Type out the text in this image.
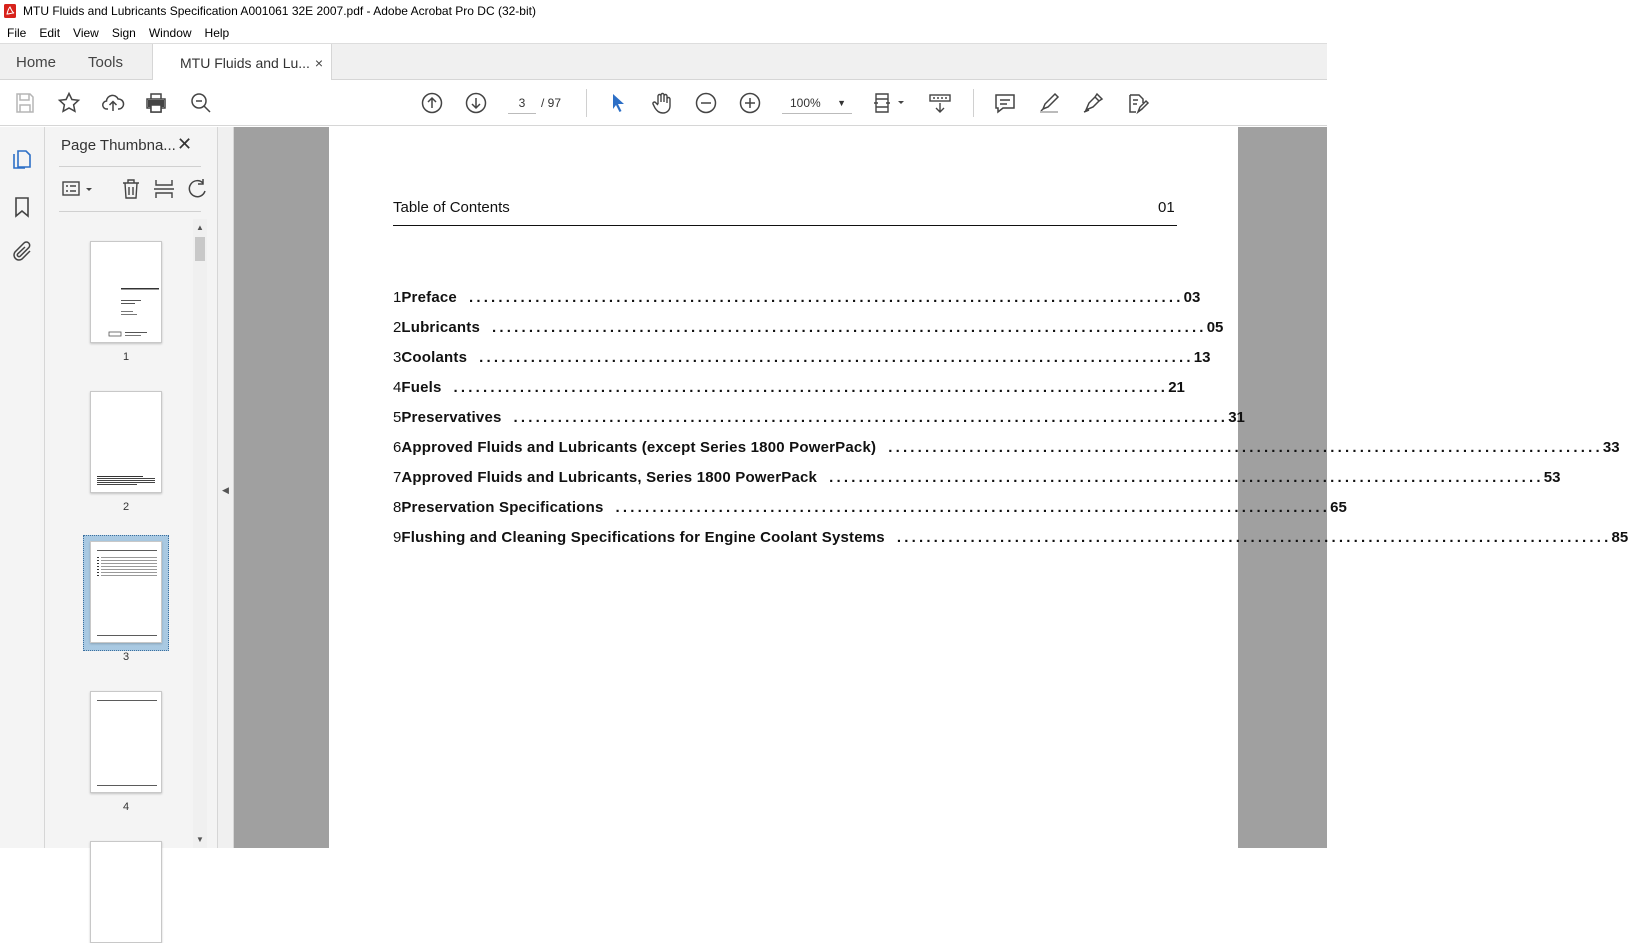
MTU Fluids and Lubricants Specification A001061 32E 2007.pdf - Adobe Acrobat Pro DC (32-bit)
File	Edit	View	Sign	Window	Help
Home Tools	MTU Fluids and Lu... ×
3	/ 97	100% ▼
Page Thumbna... ✕
1
2
3
4
▲
▼
◀
Table of Contents	01
1 Preface ................................................................................................. 03
2 Lubricants ................................................................................................. 05
3 Coolants ................................................................................................. 13
4 Fuels ................................................................................................. 21
5 Preservatives ................................................................................................. 31
6 Approved Fluids and Lubricants (except Series 1800 PowerPack) ................................................................................................. 33
7 Approved Fluids and Lubricants, Series 1800 PowerPack ................................................................................................. 53
8 Preservation Specifications ................................................................................................. 65
9 Flushing and Cleaning Specifications for Engine Coolant Systems ................................................................................................. 85
